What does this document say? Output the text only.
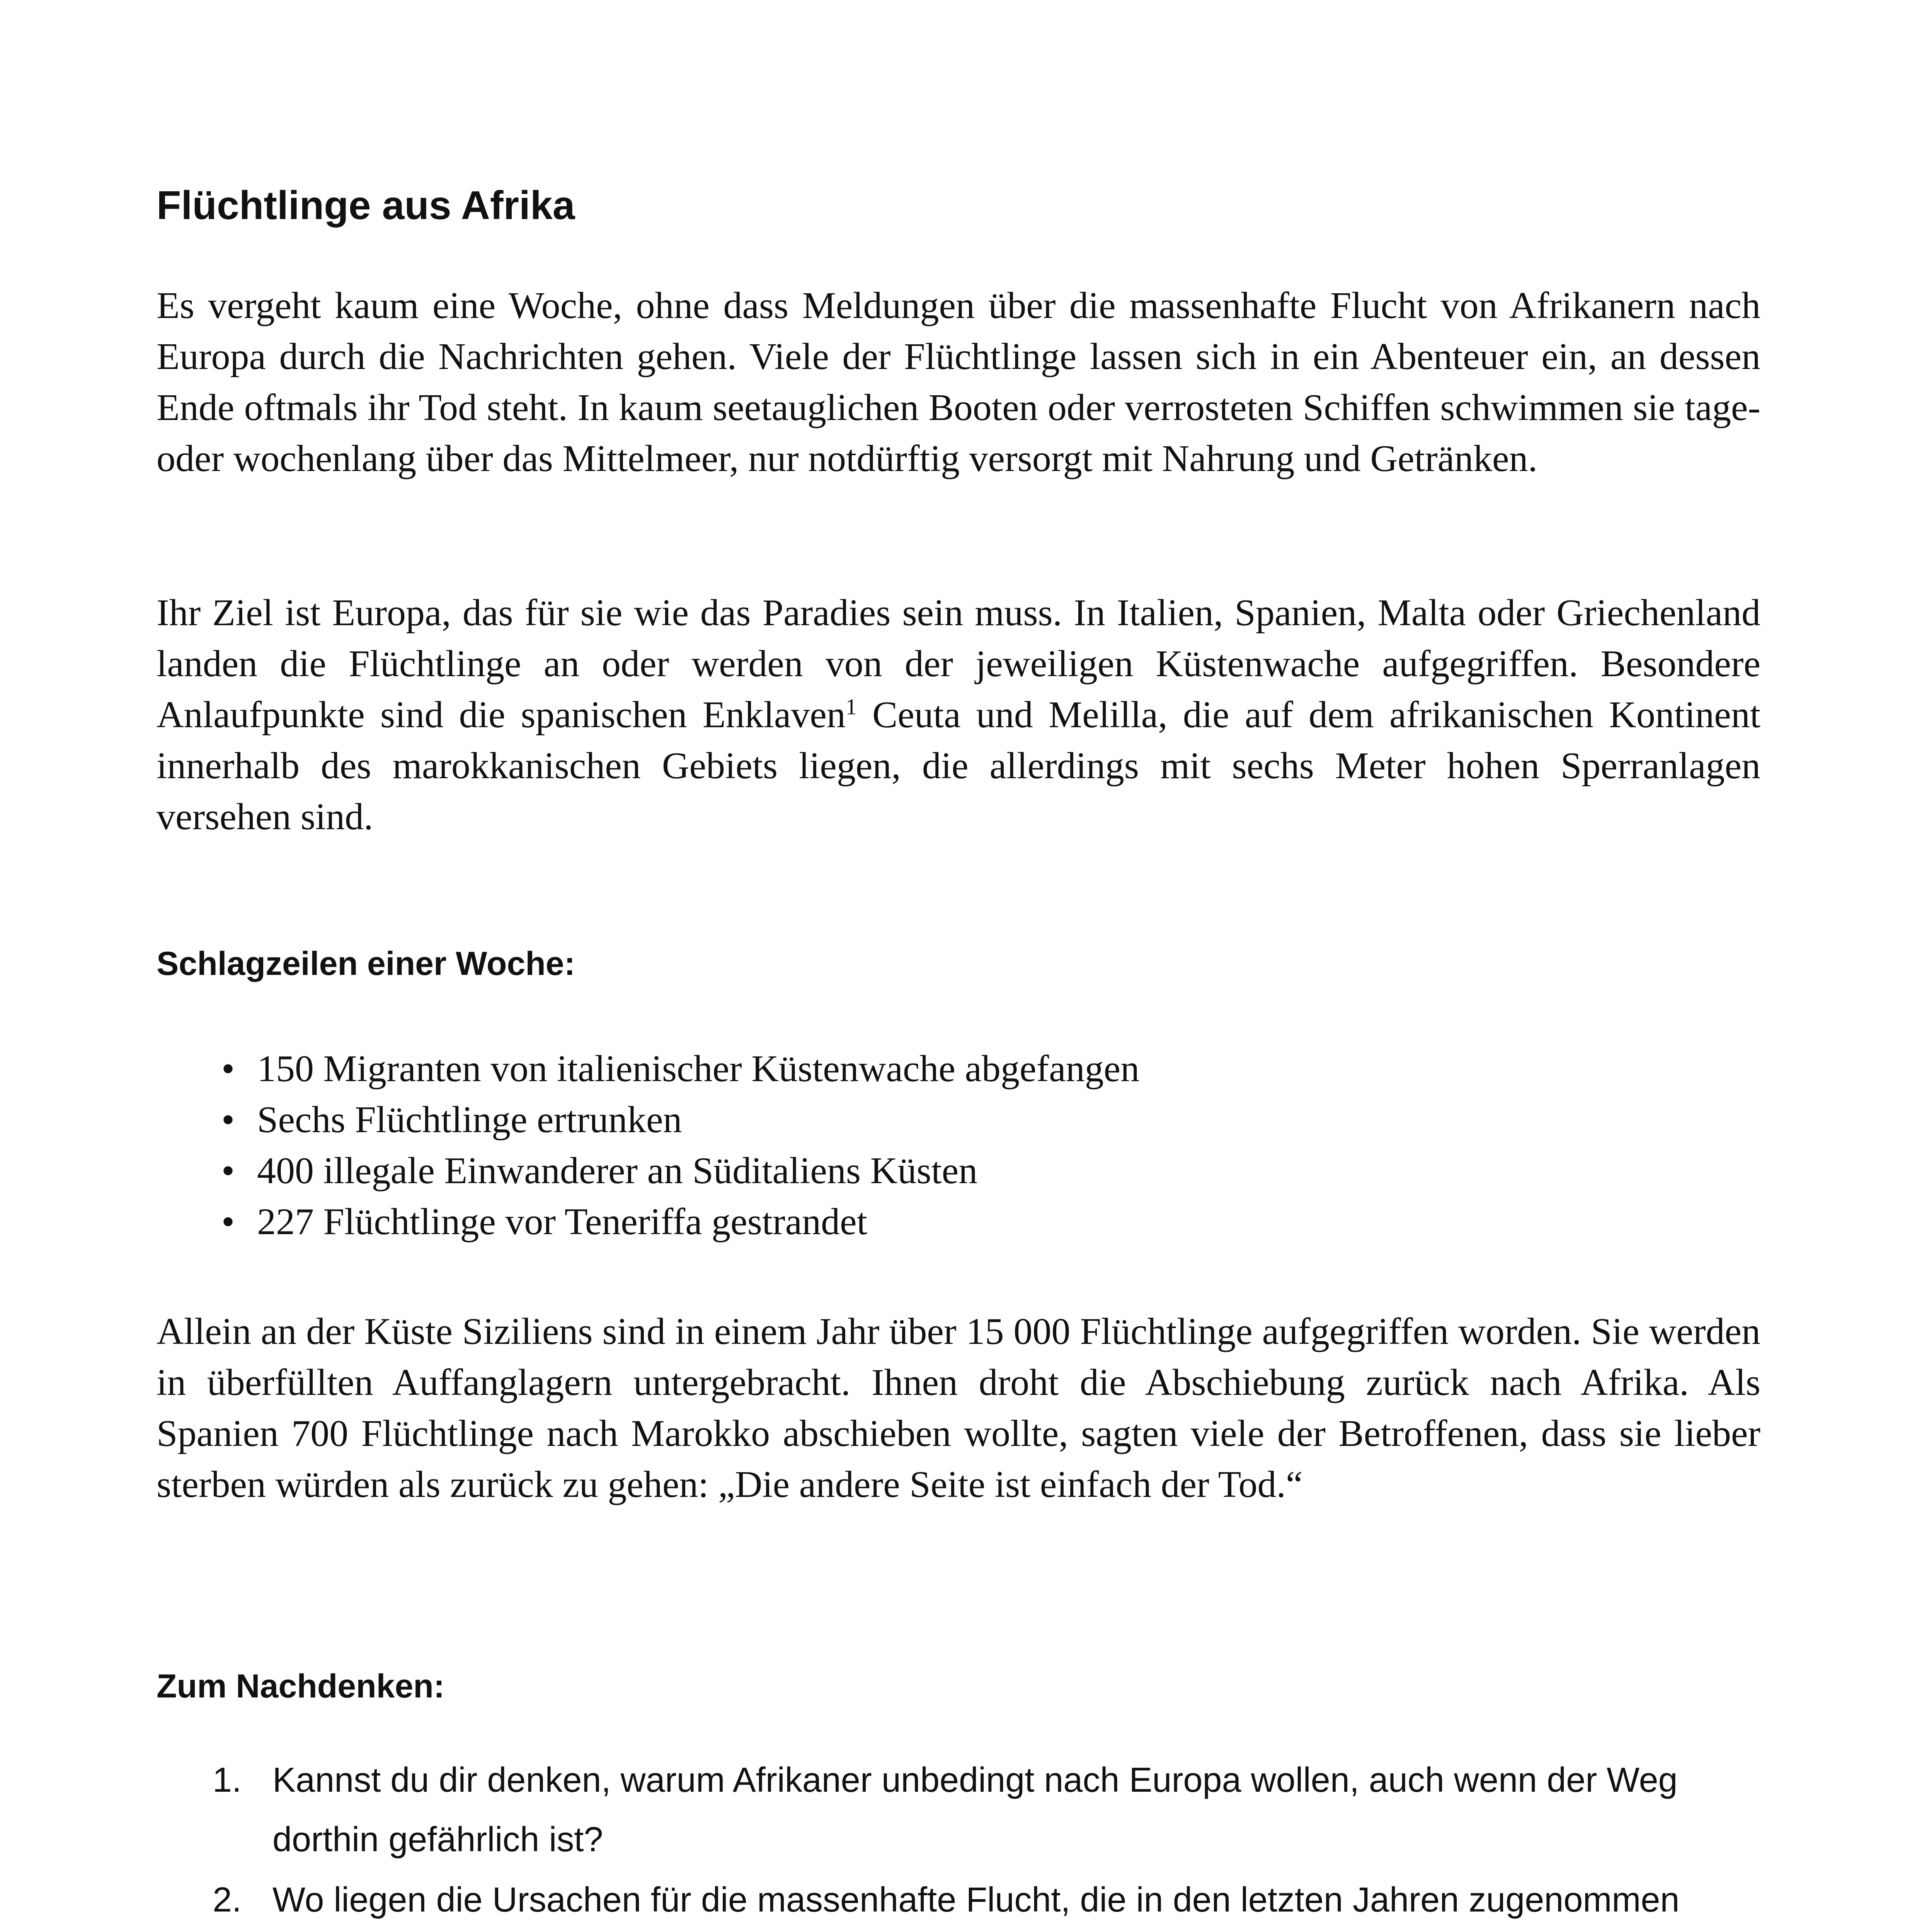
Flüchtlinge aus Afrika

Es vergeht kaum eine Woche, ohne dass Meldungen über die massenhafte Flucht von Afrikanern nach Europa durch die Nachrichten gehen. Viele der Flüchtlinge lassen sich in ein Abenteuer ein, an dessen Ende oftmals ihr Tod steht. In kaum seetauglichen Booten oder verrosteten Schiffen schwimmen sie tage- oder wochenlang über das Mittelmeer, nur notdürftig versorgt mit Nahrung und Getränken.

Ihr Ziel ist Europa, das für sie wie das Paradies sein muss. In Italien, Spanien, Malta oder Griechenland landen die Flüchtlinge an oder werden von der jeweiligen Küstenwache aufgegriffen. Besondere Anlaufpunkte sind die spanischen Enklaven$^1$ Ceuta und Melilla, die auf dem afrikanischen Kontinent innerhalb des marokkanischen Gebiets liegen, die allerdings mit sechs Meter hohen Sperranlagen versehen sind.

Schlagzeilen einer Woche:
• 150 Migranten von italienischer Küstenwache abgefangen
• Sechs Flüchtlinge ertrunken
• 400 illegale Einwanderer an Süditaliens Küsten
• 227 Flüchtlinge vor Teneriffa gestrandet

Allein an der Küste Siziliens sind in einem Jahr über 15 000 Flüchtlinge aufgegriffen worden. Sie werden in überfüllten Auffanglagern untergebracht. Ihnen droht die Abschiebung zurück nach Afrika. Als Spanien 700 Flüchtlinge nach Marokko abschieben wollte, sagten viele der Betroffenen, dass sie lieber sterben würden als zurück zu gehen: „Die andere Seite ist einfach der Tod.“

Zum Nachdenken:
1. Kannst du dir denken, warum Afrikaner unbedingt nach Europa wollen, auch wenn der Weg dorthin gefährlich ist?
2. Wo liegen die Ursachen für die massenhafte Flucht, die in den letzten Jahren zugenommen
